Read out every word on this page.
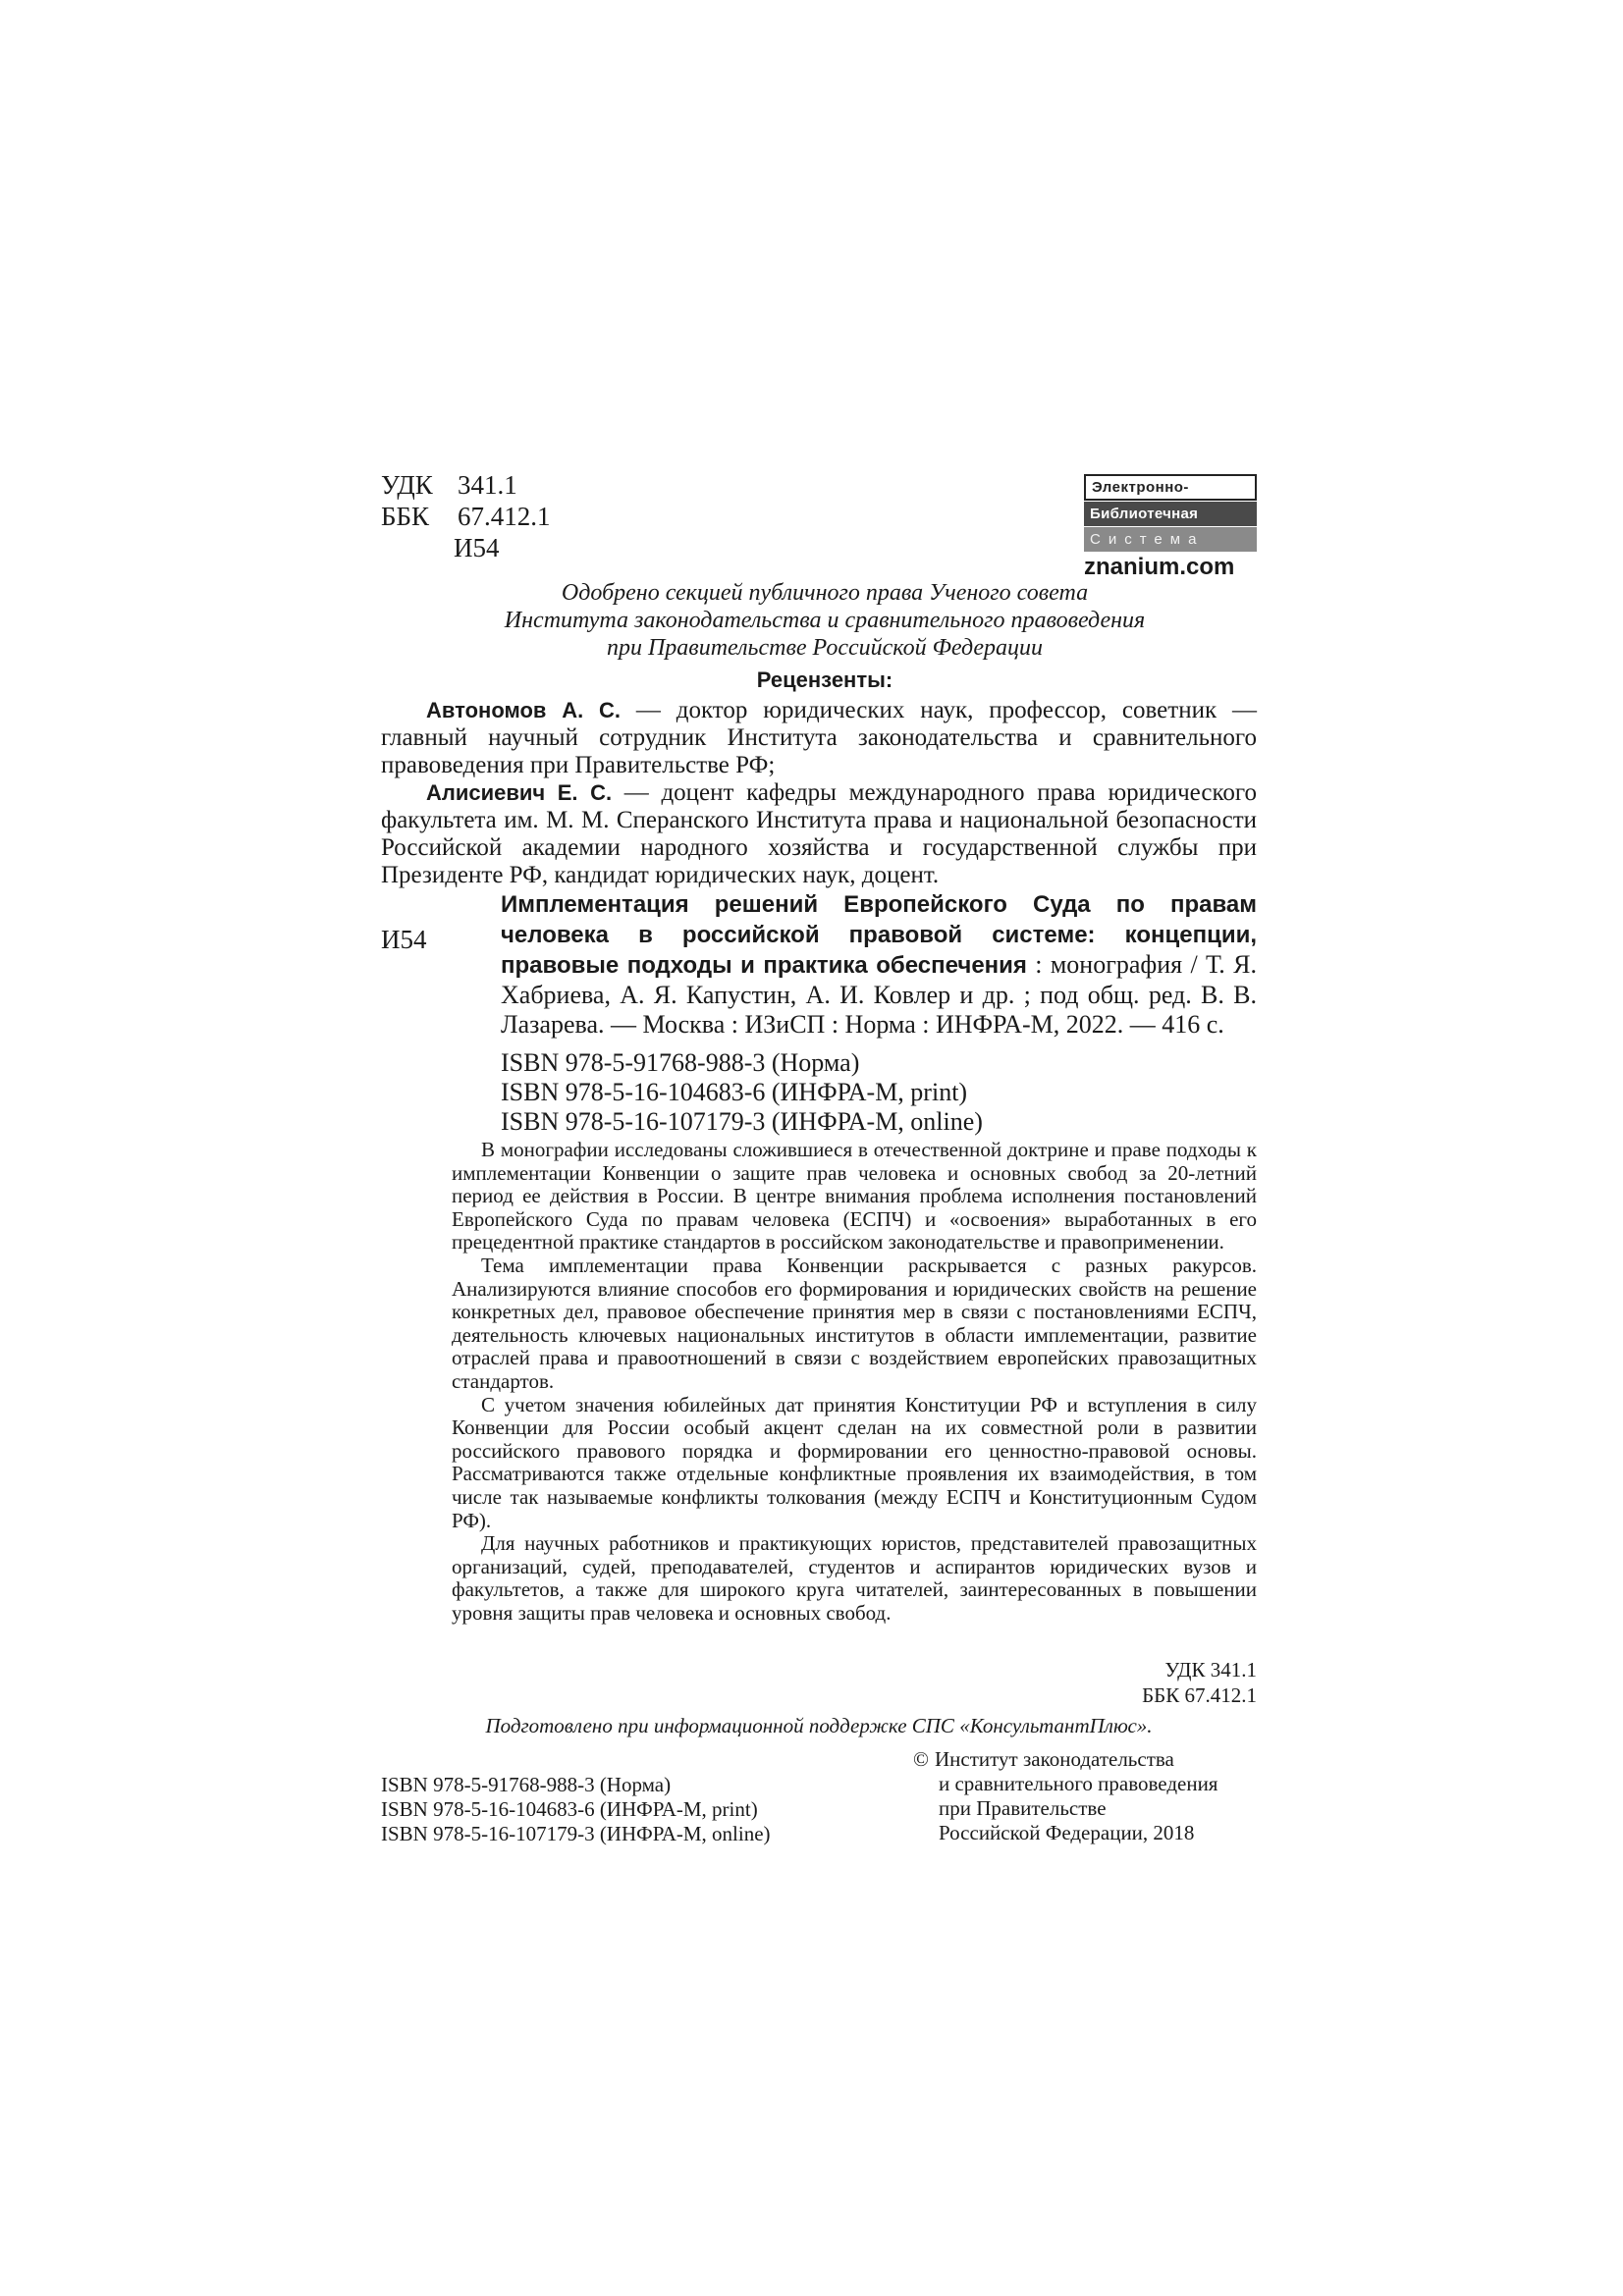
УДК 341.1
ББК 67.412.1
И54
Электронно-
Библиотечная
Система
znanium.com
Одобрено секцией публичного права Ученого совета
Института законодательства и сравнительного правоведения
при Правительстве Российской Федерации
Рецензенты:

Автономов А. С. — доктор юридических наук, профессор, советник — главный научный сотрудник Института законодательства и сравнительного правоведения при Правительстве РФ;

Алисиевич Е. С. — доцент кафедры международного права юридического факультета им. М. М. Сперанского Института права и национальной безопасности Российской академии народного хозяйства и государственной службы при Президенте РФ, кандидат юридических наук, доцент.

И54
Имплементация решений Европейского Суда по правам человека в российской правовой системе: концепции, правовые подходы и практика обеспечения : монография / Т. Я. Хабриева, А. Я. Капустин, А. И. Ковлер и др. ; под общ. ред. В. В. Лазарева. — Москва : ИЗиСП : Норма : ИНФРА-М, 2022. — 416 с.
ISBN 978-5-91768-988-3 (Норма)
ISBN 978-5-16-104683-6 (ИНФРА-М, print)
ISBN 978-5-16-107179-3 (ИНФРА-М, online)

В монографии исследованы сложившиеся в отечественной доктрине и праве подходы к имплементации Конвенции о защите прав человека и основных свобод за 20-летний период ее действия в России. В центре внимания проблема исполнения постановлений Европейского Суда по правам человека (ЕСПЧ) и «освоения» выработанных в его прецедентной практике стандартов в российском законодательстве и правоприменении.

Тема имплементации права Конвенции раскрывается с разных ракурсов. Анализируются влияние способов его формирования и юридических свойств на решение конкретных дел, правовое обеспечение принятия мер в связи с постановлениями ЕСПЧ, деятельность ключевых национальных институтов в области имплементации, развитие отраслей права и правоотношений в связи с воздействием европейских правозащитных стандартов.

С учетом значения юбилейных дат принятия Конституции РФ и вступления в силу Конвенции для России особый акцент сделан на их совместной роли в развитии российского правового порядка и формировании его ценностно-правовой основы. Рассматриваются также отдельные конфликтные проявления их взаимодействия, в том числе так называемые конфликты толкования (между ЕСПЧ и Конституционным Судом РФ).

Для научных работников и практикующих юристов, представителей правозащитных организаций, судей, преподавателей, студентов и аспирантов юридических вузов и факультетов, а также для широкого круга читателей, заинтересованных в повышении уровня защиты прав человека и основных свобод.

УДК 341.1
ББК 67.412.1
Подготовлено при информационной поддержке СПС «КонсультантПлюс».
ISBN 978-5-91768-988-3 (Норма)
ISBN 978-5-16-104683-6 (ИНФРА-М, print)
ISBN 978-5-16-107179-3 (ИНФРА-М, online)
© Институт законодательства
и сравнительного правоведения
при Правительстве
Российской Федерации, 2018
